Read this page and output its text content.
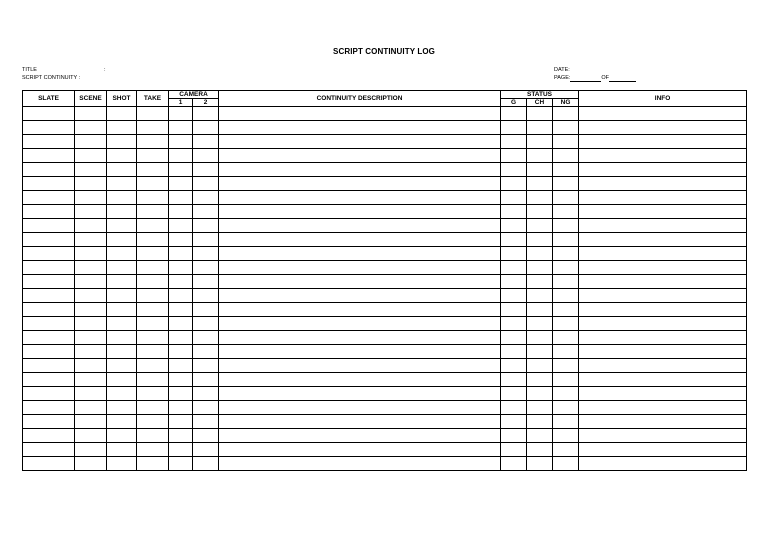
SCRIPT CONTINUITY LOG
TITLE	:
SCRIPT CONTINUITY :
DATE:
PAGE:	OF
SLATE	SCENE	SHOT	TAKE	CAMERA		CONTINUITY DESCRIPTION	STATUS			INFO
				1	2		G	CH	NG	
